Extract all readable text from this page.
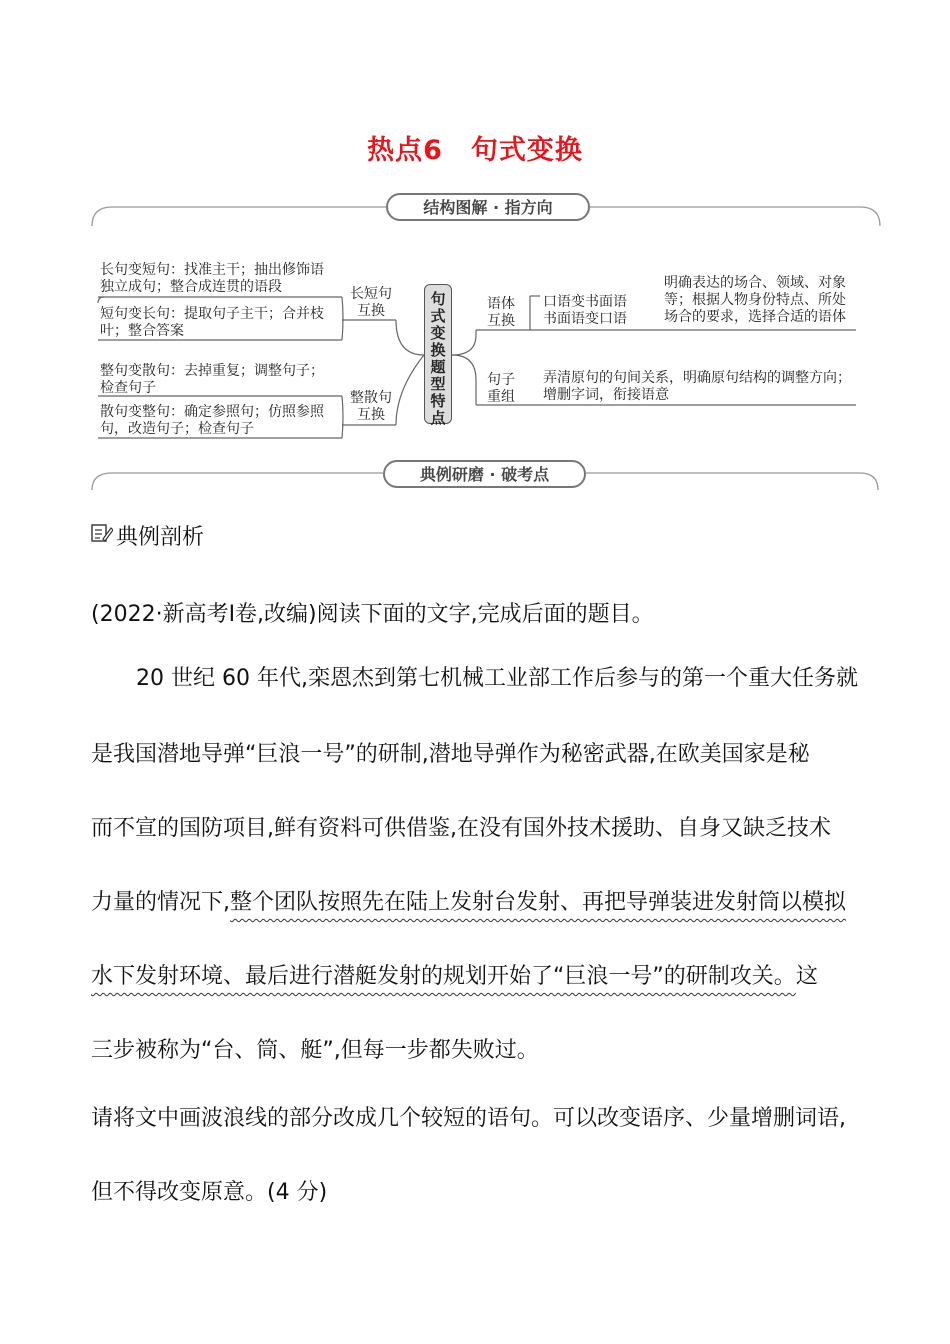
热点6　句式变换
结构图解 · 指方向
典例研磨 · 破考点
句
式
变
换
题
型
特
点
长句变短句：找准主干；抽出修饰语
独立成句；整合成连贯的语段
短句变长句：提取句子主干；合并枝
叶；整合答案
长短句
互换
整句变散句：去掉重复；调整句子；
检查句子
散句变整句：确定参照句；仿照参照
句，改造句子；检查句子
整散句
互换
语体
互换
口语变书面语
书面语变口语
明确表达的场合、领域、对象
等；根据人物身份特点、所处
场合的要求，选择合适的语体
句子
重组
弄清原句的句间关系，明确原句结构的调整方向；
增删字词，衔接语意
典例剖析
(2022·新高考Ⅰ卷,改编)阅读下面的文字,完成后面的题目。
20 世纪 60 年代,栾恩杰到第七机械工业部工作后参与的第一个重大任务就
是我国潜地导弹“巨浪一号”的研制,潜地导弹作为秘密武器,在欧美国家是秘
而不宣的国防项目,鲜有资料可供借鉴,在没有国外技术援助、自身又缺乏技术
力量的情况下,整个团队按照先在陆上发射台发射、再把导弹装进发射筒以模拟
水下发射环境、最后进行潜艇发射的规划开始了“巨浪一号”的研制攻关。这
三步被称为“台、筒、艇”,但每一步都失败过。
请将文中画波浪线的部分改成几个较短的语句。可以改变语序、少量增删词语,
但不得改变原意。(4 分)
